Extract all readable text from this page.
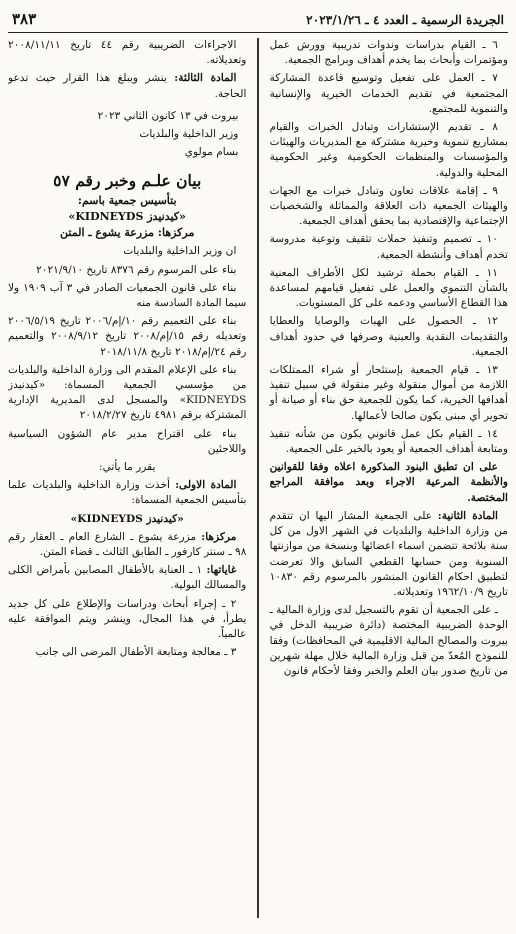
الجريدة الرسمية ـ العدد ٤ ـ ٢٠٢٣/١/٢٦
٣٨٣

٦ ـ القيام بدراسات وندوات تدريبية وورش عمل ومؤتمرات وأبحاث بما يخدم أهداف وبرامج الجمعية.

٧ ـ العمل على تفعيل وتوسيع قاعدة المشاركة المجتمعية في تقديم الخدمات الخيرية والإنسانية والتنموية للمجتمع.

٨ ـ تقديم الإستشارات وتبادل الخبرات والقيام بمشاريع تنموية وخيرية مشتركة مع المديريات والهيئات والمؤسسات والمنظمات الحكومية وغير الحكومية المحلية والدولية.

٩ ـ إقامة علاقات تعاون وتبادل خبرات مع الجهات والهيئات الجمعية ذات العلاقة والمماثلة والشخصيات الإجتماعية والإقتصادية بما يحقق أهداف الجمعية.

١٠ ـ تصميم وتنفيذ حملات تثقيف وتوعية مدروسة تخدم أهداف وأنشطة الجمعية.

١١ ـ القيام بحملة ترشيد لكل الأطراف المعنية بالشأن التنموي والعمل على تفعيل قيامهم لمساعدة هذا القطاع الأساسي ودعمه على كل المستويات.

١٢ ـ الحصول على الهبات والوصايا والعطايا والتقديمات النقدية والعينية وصرفها في حدود أهداف الجمعية.

١٣ ـ قيام الجمعية بإستئجار أو شراء الممتلكات اللازمة من أموال منقولة وغير منقولة في سبيل تنفيذ أهدافها الخيرية، كما يكون للجمعية حق بناء أو صيانة أو تحوير أي مبنى يكون صالحا لأعمالها.

١٤ ـ القيام بكل عمل قانوني يكون من شأنه تنفيذ ومتابعة أهداف الجمعية أو يعود بالخير على الجمعية.

على ان تطبق البنود المذكورة اعلاه وفقا للقوانين والأنظمة المرعية الاجراء وبعد موافقة المراجع المختصة.

المادة الثانية: على الجمعية المشار اليها ان تتقدم من وزارة الداخلية والبلديات في الشهر الاول من كل سنة بلائحة تتضمن اسماء اعضائها وبنسخة من موازنتها السنوية ومن حسابها القطعي السابق والا تعرضت لتطبيق احكام القانون المنشور بالمرسوم رقم ١٠٨٣٠ تاريخ ١٩٦٢/١٠/٩ وتعديلاته.

ـ على الجمعية أن تقوم بالتسجيل لدى وزارة المالية ـ الوحدة الضريبية المختصة (دائرة ضريبية الدخل في بيروت والمصالح المالية الاقليمية في المحافظات) وفقا للنموذج المُعدّ من قبل وزارة المالية خلال مهلة شهرين من تاريخ صدور بيان العلم والخبر وفقا لأحكام قانون

الاجراءات الضريبية رقم ٤٤ تاريخ ٢٠٠٨/١١/١١ وتعديلاته.

المادة الثالثة: ينشر ويبلغ هذا القرار حيث تدعو الحاجة.

بيروت في ١٣ كانون الثاني ٢٠٢٣

وزير الداخلية والبلديات

بسام مولوي

بيان علـم وخبر رقم ٥٧
بتأسيس جمعية باسم:
«كيدنيدز KIDNEYDS»
مركزها: مزرعة يشوع ـ المتن

ان وزير الداخلية والبلديات

بناء على المرسوم رقم ٨٣٧٦ تاريخ ٢٠٢١/٩/١٠

بناء على قانون الجمعيات الصادر في ٣ آب ١٩٠٩ ولا سيما المادة السادسة منه

بناء على التعميم رقم ١٠/إم/٢٠٠٦ تاريخ ٢٠٠٦/٥/١٩ وتعديله رقم ١٥/إم/٢٠٠٨ تاريخ ٢٠٠٨/٩/١٢ والتعميم رقم ٢٤/إم/٢٠١٨ تاريخ ٢٠١٨/١١/٨

بناء على الإعلام المقدم الى وزارة الداخلية والبلديات من مؤسسي الجمعية المسماة: «كيدنيدز KIDNEYDS» والمسجل لدى المديرية الإدارية المشتركة برقم ٤٩٨١ تاريخ ٢٠١٨/٢/٢٧

بناء على اقتراح مدير عام الشؤون السياسية واللاجئين

يقرر ما يأتي:

المادة الاولى: أخذت وزارة الداخلية والبلديات علما بتأسيس الجمعية المسماة:

«كيدنيدز KIDNEYDS»

مركزها: مزرعة يشوع ـ الشارع العام ـ العقار رقم ٩٨ ـ سنتر كارفور ـ الطابق الثالث ـ قضاء المتن.

غاياتها: ١ ـ العناية بالأطفال المصابين بأمراض الكلى والمسالك البولية.

٢ ـ إجراء أبحاث ودراسات والإطلاع على كل جديد يطرأ، في هذا المجال، وينشر ويتم الموافقة عليه عالمياً.

٣ ـ معالجة ومتابعة الأطفال المرضى الى جانب
